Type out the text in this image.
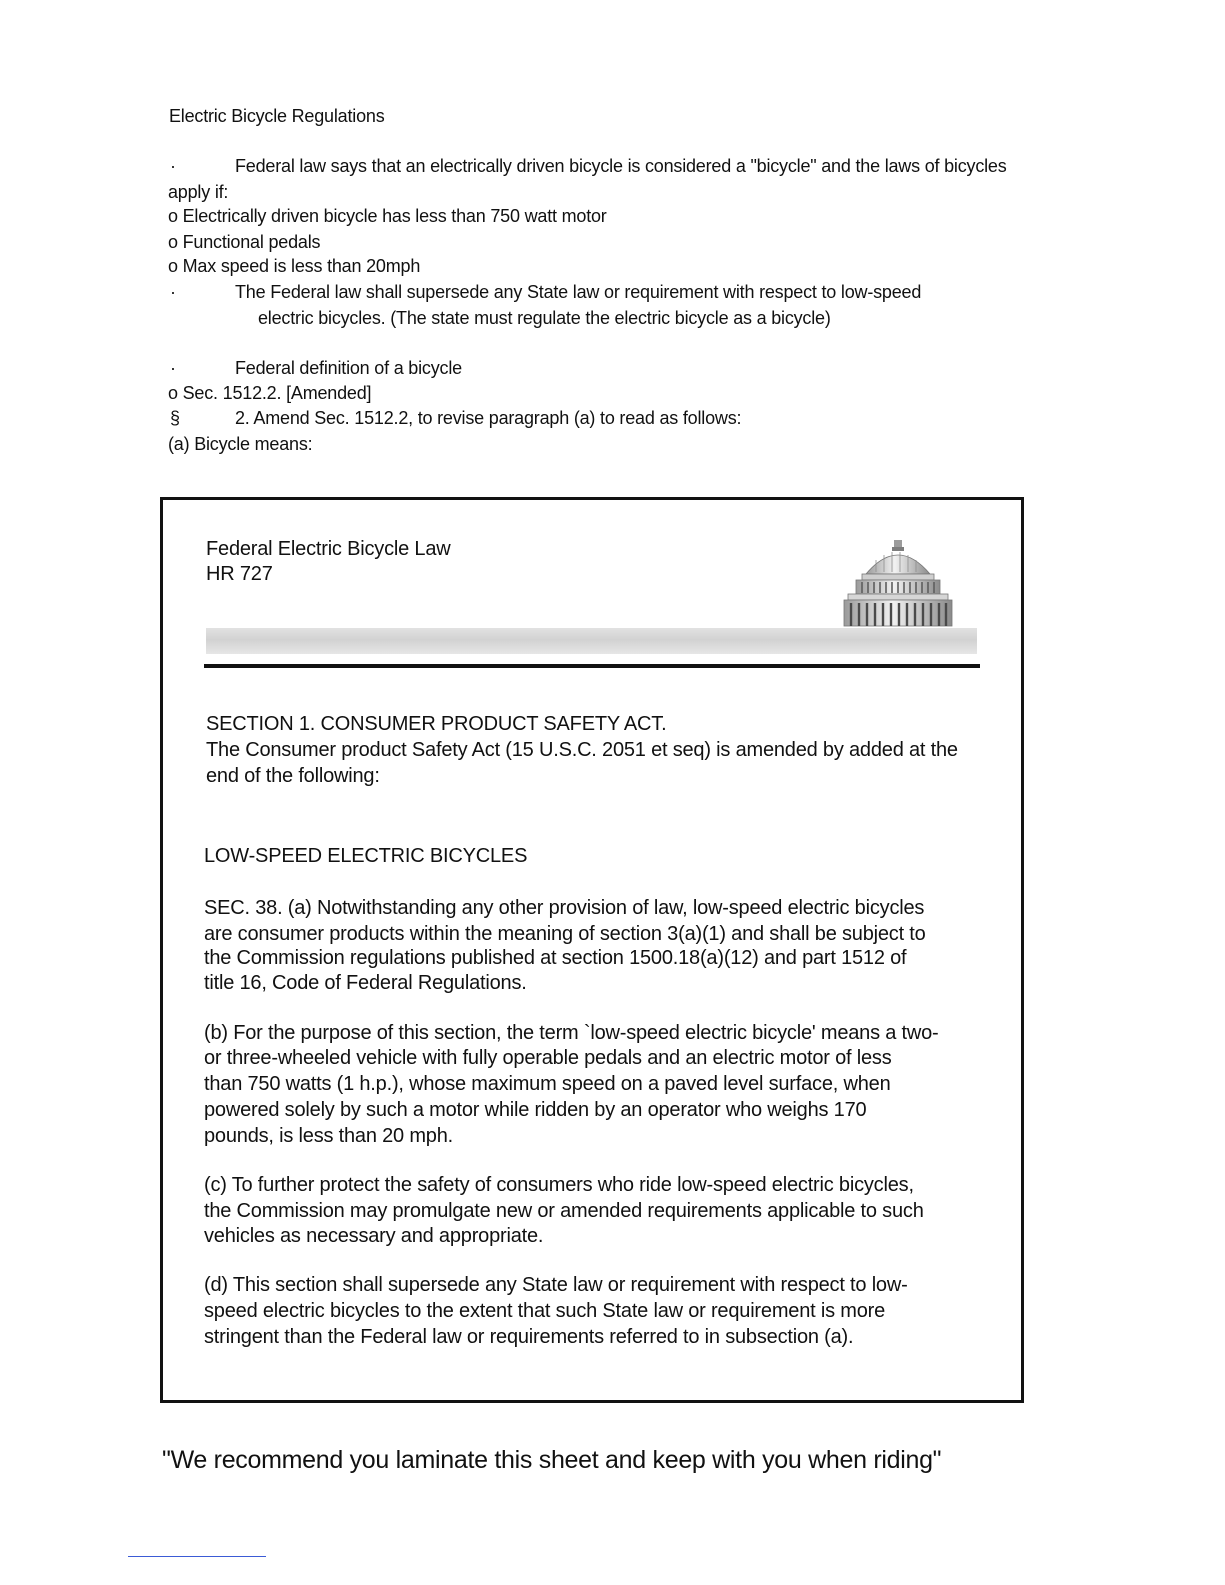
Electric Bicycle Regulations
·	Federal law says that an electrically driven bicycle is considered a "bicycle" and the laws of bicycles
apply if:
o Electrically driven bicycle has less than 750 watt motor
o Functional pedals
o Max speed is less than 20mph
·	The Federal law shall supersede any State law or requirement with respect to low-speed
electric bicycles. (The state must regulate the electric bicycle as a bicycle)
·	Federal definition of a bicycle
o Sec. 1512.2. [Amended]
§	2. Amend Sec. 1512.2, to revise paragraph (a) to read as follows:
(a) Bicycle means:
Federal Electric Bicycle Law
HR 727
SECTION 1. CONSUMER PRODUCT SAFETY ACT.
The Consumer product Safety Act (15 U.S.C. 2051 et seq) is amended by added at the
end of the following:
LOW-SPEED ELECTRIC BICYCLES
SEC. 38. (a) Notwithstanding any other provision of law, low-speed electric bicycles
are consumer products within the meaning of section 3(a)(1) and shall be subject to
the Commission regulations published at section 1500.18(a)(12) and part 1512 of
title 16, Code of Federal Regulations.
(b) For the purpose of this section, the term `low-speed electric bicycle' means a two-
or three-wheeled vehicle with fully operable pedals and an electric motor of less
than 750 watts (1 h.p.), whose maximum speed on a paved level surface, when
powered solely by such a motor while ridden by an operator who weighs 170
pounds, is less than 20 mph.
(c) To further protect the safety of consumers who ride low-speed electric bicycles,
the Commission may promulgate new or amended requirements applicable to such
vehicles as necessary and appropriate.
(d) This section shall supersede any State law or requirement with respect to low-
speed electric bicycles to the extent that such State law or requirement is more
stringent than the Federal law or requirements referred to in subsection (a).
"We recommend you laminate this sheet and keep with you when riding"
